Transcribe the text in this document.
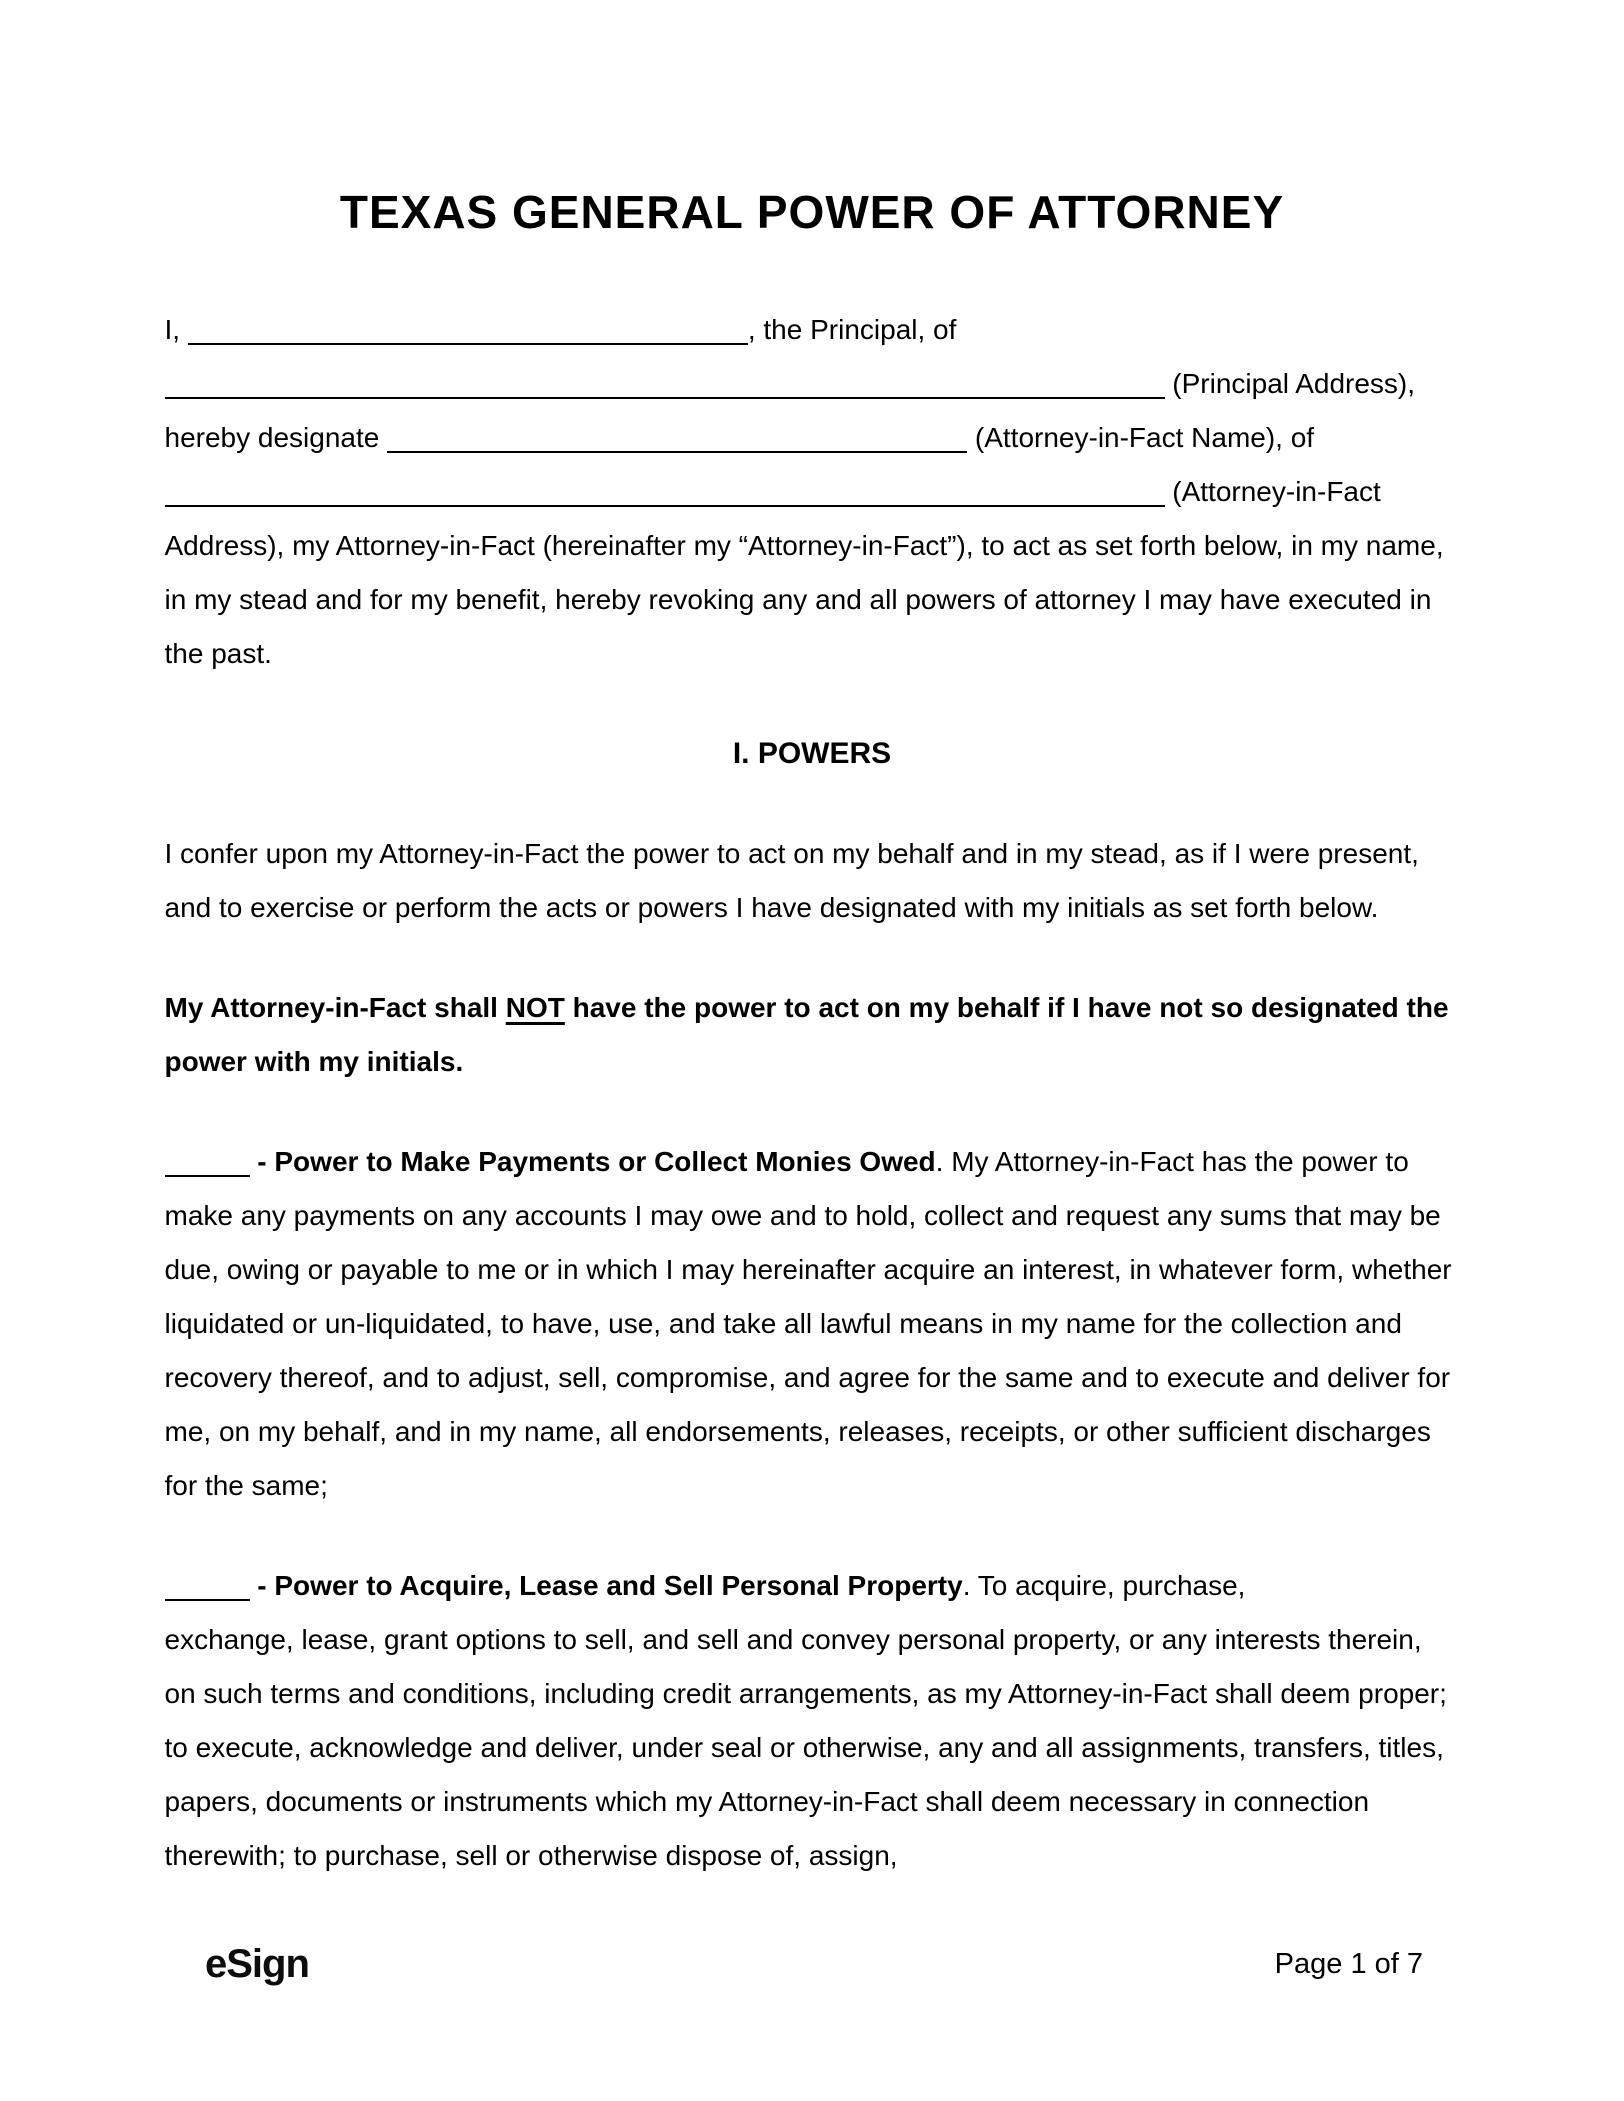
TEXAS GENERAL POWER OF ATTORNEY
I,	, the Principal, of
(Principal Address),
hereby designate	(Attorney-in-Fact Name), of
(Attorney-in-Fact Address), my Attorney-in-Fact (hereinafter my “Attorney-in-Fact”), to act as set forth below, in my name, in my stead and for my benefit, hereby revoking any and all powers of attorney I may have executed in the past.
I. POWERS
I confer upon my Attorney-in-Fact the power to act on my behalf and in my stead, as if I were present, and to exercise or perform the acts or powers I have designated with my initials as set forth below.
My Attorney-in-Fact shall NOT have the power to act on my behalf if I have not so designated the power with my initials.
- Power to Make Payments or Collect Monies Owed. My Attorney-in-Fact has the power to make any payments on any accounts I may owe and to hold, collect and request any sums that may be due, owing or payable to me or in which I may hereinafter acquire an interest, in whatever form, whether liquidated or un-liquidated, to have, use, and take all lawful means in my name for the collection and recovery thereof, and to adjust, sell, compromise, and agree for the same and to execute and deliver for me, on my behalf, and in my name, all endorsements, releases, receipts, or other sufficient discharges for the same;
- Power to Acquire, Lease and Sell Personal Property. To acquire, purchase,
exchange, lease, grant options to sell, and sell and convey personal property, or any interests therein, on such terms and conditions, including credit arrangements, as my Attorney-in-Fact shall deem proper; to execute, acknowledge and deliver, under seal or otherwise, any and all assignments, transfers, titles, papers, documents or instruments which my Attorney-in-Fact shall deem necessary in connection therewith; to purchase, sell or otherwise dispose of, assign,
eSign	Page 1 of 7
